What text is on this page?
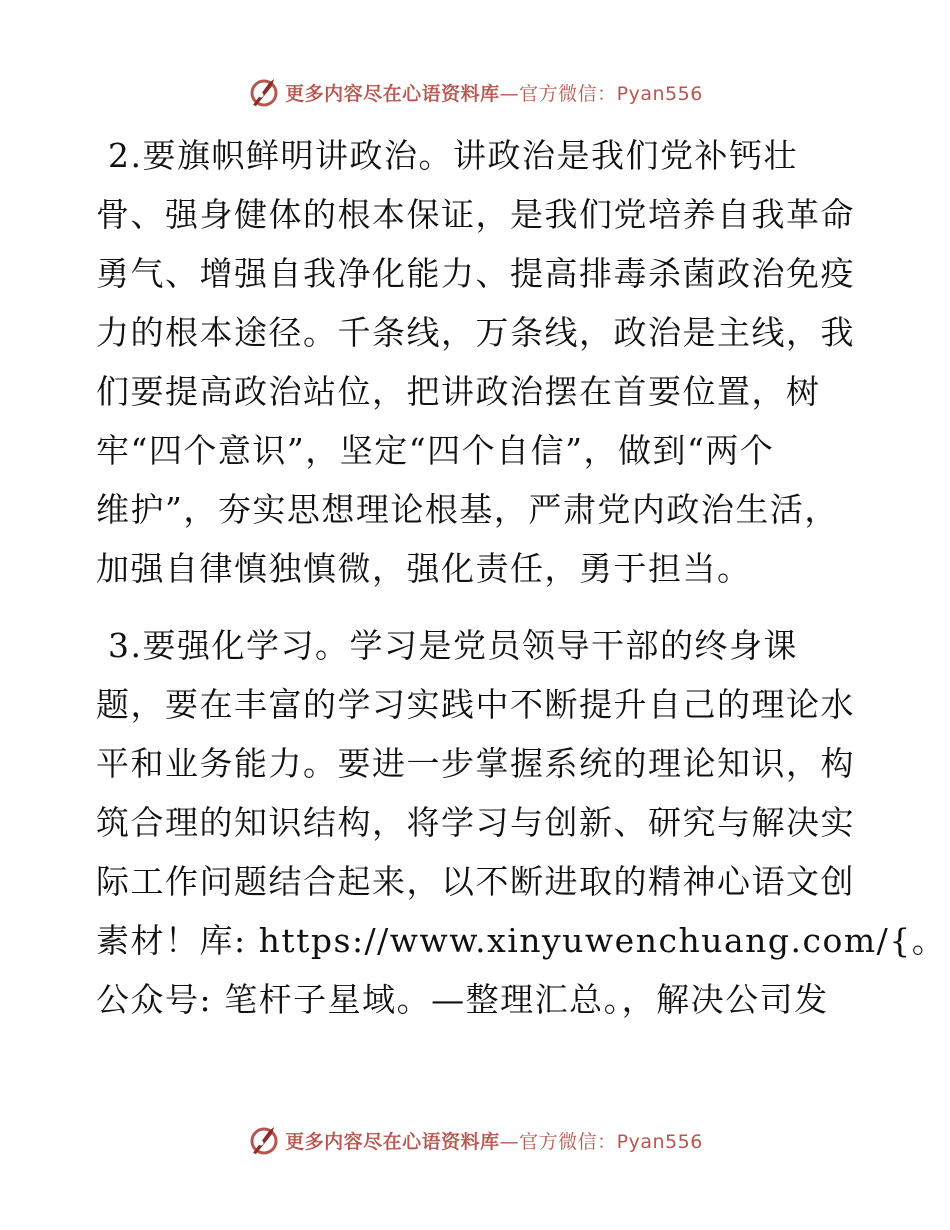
更多内容尽在心语资料库—官方微信：Pyan556
2.要旗帜鲜明讲政治。讲政治是我们党补钙壮
骨、强身健体的根本保证，是我们党培养自我革命
勇气、增强自我净化能力、提高排毒杀菌政治免疫
力的根本途径。千条线，万条线，政治是主线，我
们要提高政治站位，把讲政治摆在首要位置，树
牢“四个意识”，坚定“四个自信”，做到“两个
维护”，夯实思想理论根基，严肃党内政治生活，
加强自律慎独慎微，强化责任，勇于担当。
3.要强化学习。学习是党员领导干部的终身课
题，要在丰富的学习实践中不断提升自己的理论水
平和业务能力。要进一步掌握系统的理论知识，构
筑合理的知识结构，将学习与创新、研究与解决实
际工作问题结合起来，以不断进取的精神心语文创
素材！库: https://www.xinyuwenchuang.com/{。
公众号: 笔杆子星域。—整理汇总。，解决公司发
更多内容尽在心语资料库—官方微信：Pyan556
